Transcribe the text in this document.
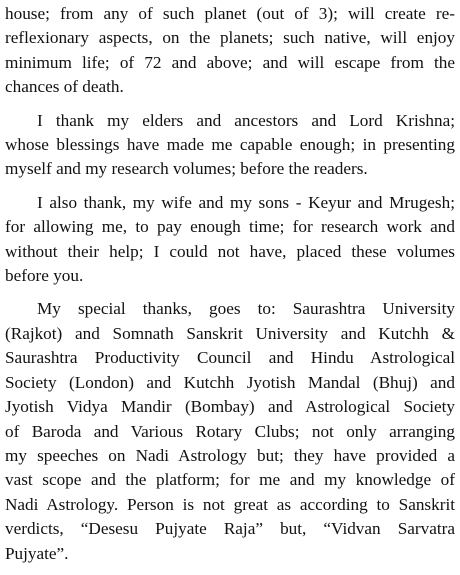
house; from any of such planet (out of 3); will create re-
reflexionary aspects, on the planets; such native, will enjoy
minimum life; of 72 and above; and will escape from the
chances of death.

I thank my elders and ancestors and Lord Krishna;
whose blessings have made me capable enough; in presenting
myself and my research volumes; before the readers.

I also thank, my wife and my sons - Keyur and Mrugesh;
for allowing me, to pay enough time; for research work and
without their help; I could not have, placed these volumes
before you.

My special thanks, goes to: Saurashtra University
(Rajkot) and Somnath Sanskrit University and Kutchh &
Saurashtra Productivity Council and Hindu Astrological
Society (London) and Kutchh Jyotish Mandal (Bhuj) and
Jyotish Vidya Mandir (Bombay) and Astrological Society
of Baroda and Various Rotary Clubs; not only arranging
my speeches on Nadi Astrology but; they have provided a
vast scope and the platform; for me and my knowledge of
Nadi Astrology. Person is not great as according to Sanskrit
verdicts, “Desesu Pujyate Raja” but, “Vidvan Sarvatra
Pujyate”.
